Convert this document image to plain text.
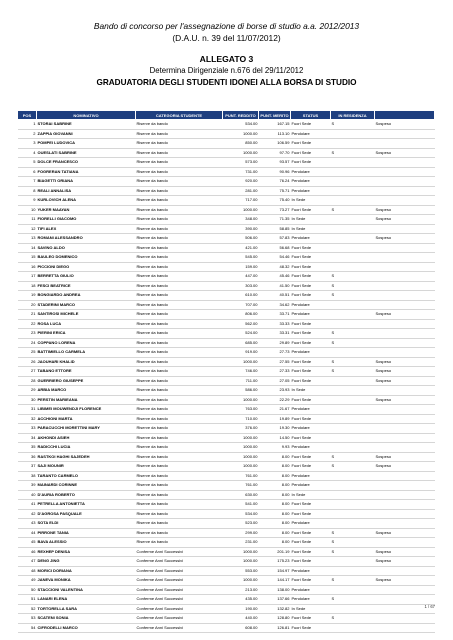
Bando di concorso per l'assegnazione di borse di studio a.a. 2012/2013
(D.A.U. n. 39 del 11/07/2012)
ALLEGATO 3
Determina Dirigenziale n.676 del 29/11/2012
GRADUATORIA DEGLI STUDENTI IDONEI ALLA BORSA DI STUDIO
POS	NOMINATIVO	CATEGORIA STUDENTE	PUNT. REDDITO	PUNT. MERITO	STATUS	IN RESIDENZA	
1	STORAI SABRINE	Riserve da bando	534.00	167.15	Fuori Sede	S	Sospeso
2	ZAPPIA GIOVANNI	Riserve da bando	1000.00	113.10	Pendolare		
3	POMPEI LUDOVICA	Riserve da bando	850.00	106.59	Fuori Sede		
4	OUESLATI SABRINE	Riserve da bando	1000.00	97.70	Fuori Sede	S	Sospeso
5	DOLCE FRANCESCO	Riserve da bando	573.00	93.57	Fuori Sede		
6	FOGRERAN TATIANA	Riserve da bando	731.00	90.96	Pendolare		
7	BIAGETTI ORIANA	Riserve da bando	920.00	76.24	Pendolare		
8	REALI ANNALISA	Riserve da bando	281.00	75.71	Pendolare		
9	KURLOVICH ALENA	Riserve da bando	717.00	75.40	In Sede		
10	YUKER MAAYAN	Riserve da bando	1000.00	73.27	Fuori Sede	S	Sospeso
11	FIORELLI GIACOMO	Riserve da bando	348.00	71.35	In Sede		Sospeso
12	TIFI ALEX	Riserve da bando	390.00	58.85	In Sede		
13	ROMANI ALESSANDRO	Riserve da bando	506.00	57.83	Pendolare		Sospeso
14	SAVINO ALDO	Riserve da bando	421.00	56.68	Fuori Sede		
15	BAULEO DOMENICO	Riserve da bando	545.00	54.46	Fuori Sede		
16	PICCIONI DIEGO	Riserve da bando	159.00	48.32	Fuori Sede		
17	BERRETTA GIULIO	Riserve da bando	447.00	45.46	Fuori Sede	S	
18	FESCI BEATRICE	Riserve da bando	303.00	41.50	Fuori Sede	S	
19	BONGIARDO ANDREA	Riserve da bando	610.00	40.51	Fuori Sede	S	
20	STADERINI MARCO	Riserve da bando	707.00	34.62	Pendolare		
21	SANTIROSI MICHELE	Riserve da bando	806.00	33.71	Pendolare		Sospeso
22	ROSA LUCA	Riserve da bando	562.00	33.33	Fuori Sede		
23	PIERINI ERICA	Riserve da bando	524.00	33.31	Fuori Sede	S	
24	COPPANO LORENA	Riserve da bando	685.00	29.89	Fuori Sede	S	
25	BATTIMIELLO CARMELA	Riserve da bando	919.00	27.73	Pendolare		
26	JAOUHARI KHALID	Riserve da bando	1000.00	27.55	Fuori Sede	S	Sospeso
27	TABANO ETTORE	Riserve da bando	746.00	27.33	Fuori Sede	S	Sospeso
28	GUERRIERO GIUSEPPE	Riserve da bando	711.00	27.05	Fuori Sede		Sospeso
29	ARBIA MARCO	Riserve da bando	586.00	23.93	In Sede		
30	PERSTIN MARIEANA	Riserve da bando	1000.00	22.29	Fuori Sede		Sospeso
31	LIBIMEI MOUWENDJI FLORENCE	Riserve da bando	763.00	21.67	Pendolare		
32	ACCHIONI MARTA	Riserve da bando	710.00	19.89	Fuori Sede		
33	PARACUCCHI MORETTINI MARY	Riserve da bando	376.00	19.30	Pendolare		
34	AKHONDI ASIEH	Riserve da bando	1000.00	14.50	Fuori Sede		
35	RADICCHI LUCIA	Riserve da bando	1000.00	9.93	Pendolare		
36	RASTKOI HAGHI SAJEDEH	Riserve da bando	1000.00	8.00	Fuori Sede	S	Sospeso
37	SAJI MOUNIR	Riserve da bando	1000.00	8.00	Fuori Sede	S	Sospeso
38	TARANTO CARMELO	Riserve da bando	761.00	8.00	Pendolare		
39	MAINARDI CORINNE	Riserve da bando	761.00	8.00	Pendolare		
40	D'AURIA ROBERTO	Riserve da bando	630.00	8.00	In Sede		
41	PETRELLA ANTONIETTA	Riserve da bando	541.00	8.00	Fuori Sede		
42	D'AGROSA PASQUALE	Riserve da bando	534.00	8.00	Fuori Sede		
43	SOTA ELDI	Riserve da bando	523.00	8.00	Pendolare		
44	PIRRONE TANIA	Riserve da bando	299.00	8.00	Fuori Sede	S	Sospeso
45	BAVA ALESSIO	Riserve da bando	231.00	8.00	Fuori Sede	S	
46	REXHEP DENISA	Conferme Anni Successivi	1000.00	201.19	Fuori Sede	S	Sospeso
47	DENG JING	Conferme Anni Successivi	1000.00	175.23	Fuori Sede		Sospeso
48	MORICI DORIANA	Conferme Anni Successivi	553.00	154.97	Pendolare		
49	JANEVA MONIKA	Conferme Anni Successivi	1000.00	144.17	Fuori Sede	S	Sospeso
50	STACCIONI VALENTINA	Conferme Anni Successivi	213.00	138.00	Pendolare		
51	LANARI ELENA	Conferme Anni Successivi	435.00	137.66	Pendolare	S	
52	TORTORELLA SARA	Conferme Anni Successivi	190.00	132.82	In Sede		
53	SCATENI SONIA	Conferme Anni Successivi	440.00	128.80	Fuori Sede	S	
54	CIFRODELLI MARCO	Conferme Anni Successivi	608.00	126.81	Fuori Sede		
1 / 67
